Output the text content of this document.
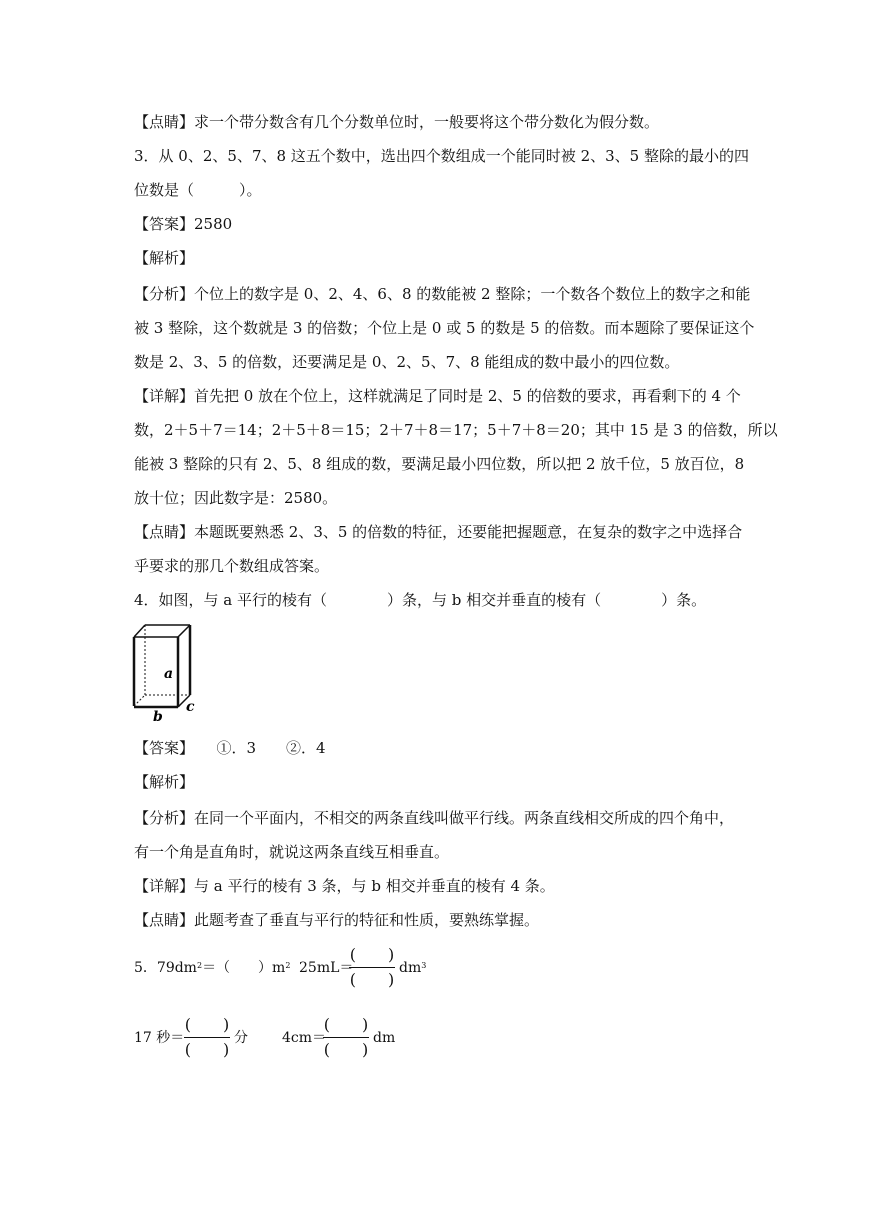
【点睛】求一个带分数含有几个分数单位时，一般要将这个带分数化为假分数。
3．从 0、2、5、7、8 这五个数中，选出四个数组成一个能同时被 2、3、5 整除的最小的四
位数是（　　　）。
【答案】2580
【解析】
【分析】个位上的数字是 0、2、4、6、8 的数能被 2 整除；一个数各个数位上的数字之和能
被 3 整除，这个数就是 3 的倍数；个位上是 0 或 5 的数是 5 的倍数。而本题除了要保证这个
数是 2、3、5 的倍数，还要满足是 0、2、5、7、8 能组成的数中最小的四位数。
【详解】首先把 0 放在个位上，这样就满足了同时是 2、5 的倍数的要求，再看剩下的 4 个
数，2＋5＋7＝14；2＋5＋8＝15；2＋7＋8＝17；5＋7＋8＝20；其中 15 是 3 的倍数，所以
能被 3 整除的只有 2、5、8 组成的数，要满足最小四位数，所以把 2 放千位，5 放百位，8
放十位；因此数字是：2580。
【点睛】本题既要熟悉 2、3、5 的倍数的特征，还要能把握题意，在复杂的数字之中选择合
乎要求的那几个数组成答案。
4．如图，与 a 平行的棱有（　　　　）条，与 b 相交并垂直的棱有（　　　　）条。
a
b
c
【答案】　　①．3　　②．4
【解析】
【分析】在同一个平面内，不相交的两条直线叫做平行线。两条直线相交所成的四个角中，
有一个角是直角时，就说这两条直线互相垂直。
【详解】与 a 平行的棱有 3 条，与 b 相交并垂直的棱有 4 条。
【点睛】此题考查了垂直与平行的特征和性质，要熟练掌握。
5．$79dm^2=$（　　）$m^2$ 25mL＝
(　　)
(　　)
$dm^3$
17 秒＝
(　　)
(　　)
分 4cm＝
(　　)
(　　)
dm
